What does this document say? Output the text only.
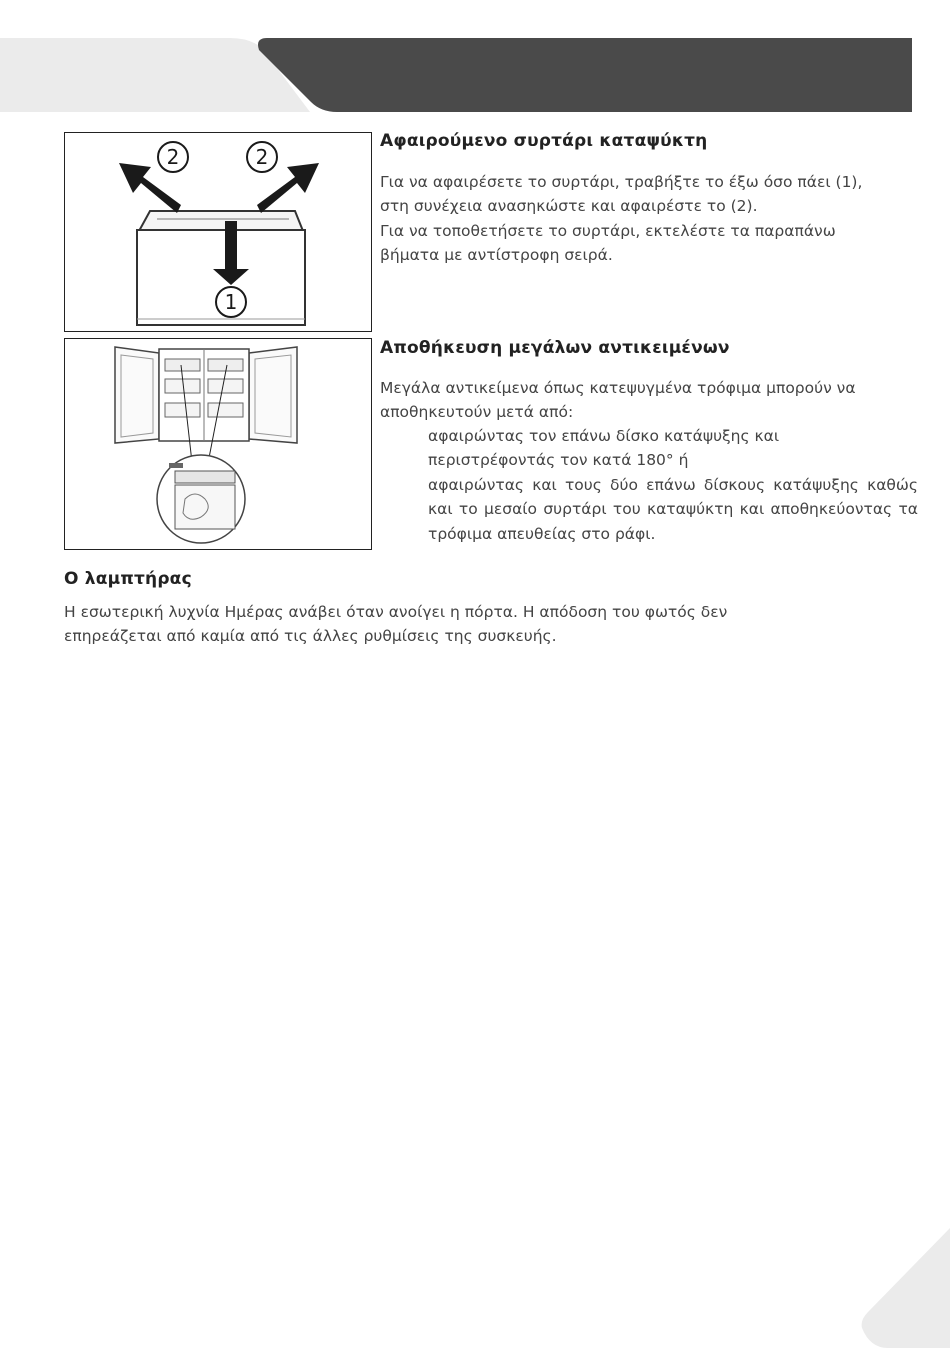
2	2
1
Αφαιρούμενο συρτάρι καταψύκτη
Για να αφαιρέσετε το συρτάρι, τραβήξτε το έξω όσο πάει (1),
στη συνέχεια ανασηκώστε και αφαιρέστε το (2).
Για να τοποθετήσετε το συρτάρι, εκτελέστε τα παραπάνω
βήματα με αντίστροφη σειρά.
Αποθήκευση μεγάλων αντικειμένων
Μεγάλα αντικείμενα όπως κατεψυγμένα τρόφιμα μπορούν να
αποθηκευτούν μετά από:
αφαιρώντας τον επάνω δίσκο κατάψυξης και
περιστρέφοντάς τον κατά 180° ή
αφαιρώντας και τους δύο επάνω δίσκους κατάψυξης καθώς και το μεσαίο συρτάρι του καταψύκτη και αποθηκεύοντας τα τρόφιμα απευθείας στο ράφι.
Ο λαμπτήρας
Η εσωτερική λυχνία Ημέρας ανάβει όταν ανοίγει η πόρτα. Η απόδοση του φωτός δεν
επηρεάζεται από καμία από τις άλλες ρυθμίσεις της συσκευής.
